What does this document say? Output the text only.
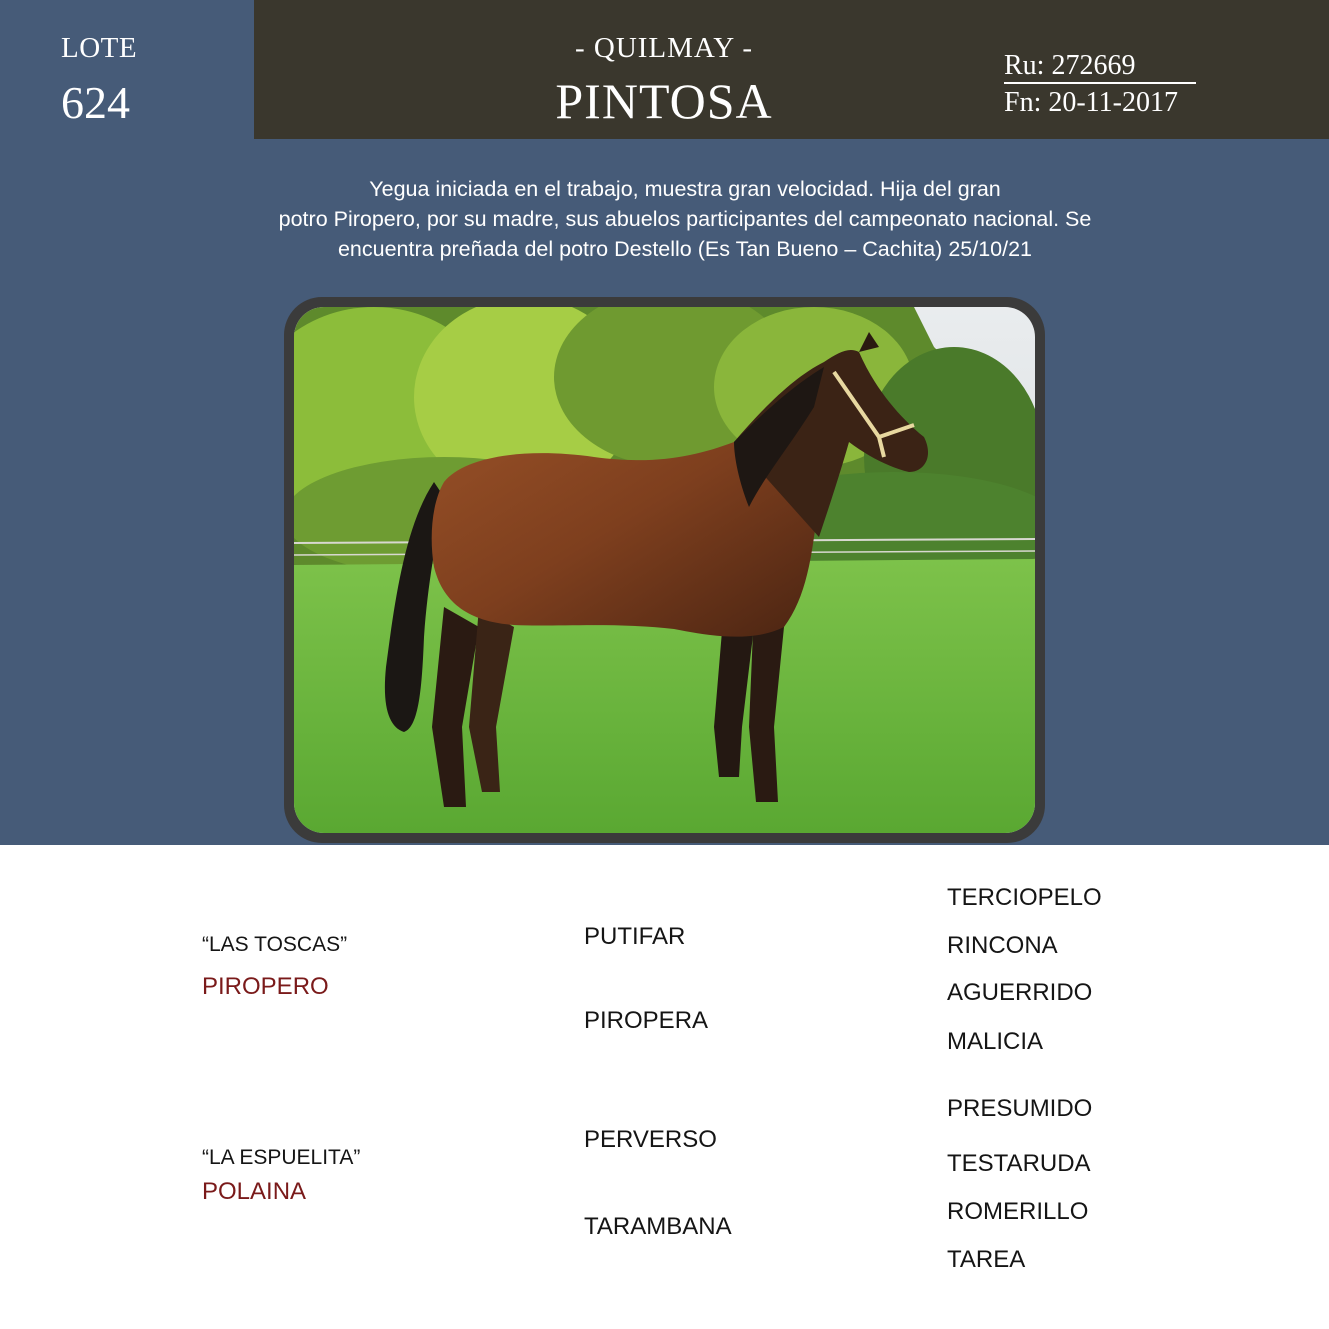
LOTE
624
- QUILMAY -
PINTOSA
Ru: 272669
Fn: 20-11-2017
Yegua iniciada en el trabajo, muestra gran velocidad. Hija del gran
potro Piropero, por su madre, sus abuelos participantes del campeonato nacional. Se
encuentra preñada del potro Destello (Es Tan Bueno – Cachita) 25/10/21
“LAS TOSCAS”
PIROPERO
PUTIFAR
PIROPERA
TERCIOPELO
RINCONA
AGUERRIDO
MALICIA
“LA ESPUELITA”
POLAINA
PERVERSO
TARAMBANA
PRESUMIDO
TESTARUDA
ROMERILLO
TAREA
